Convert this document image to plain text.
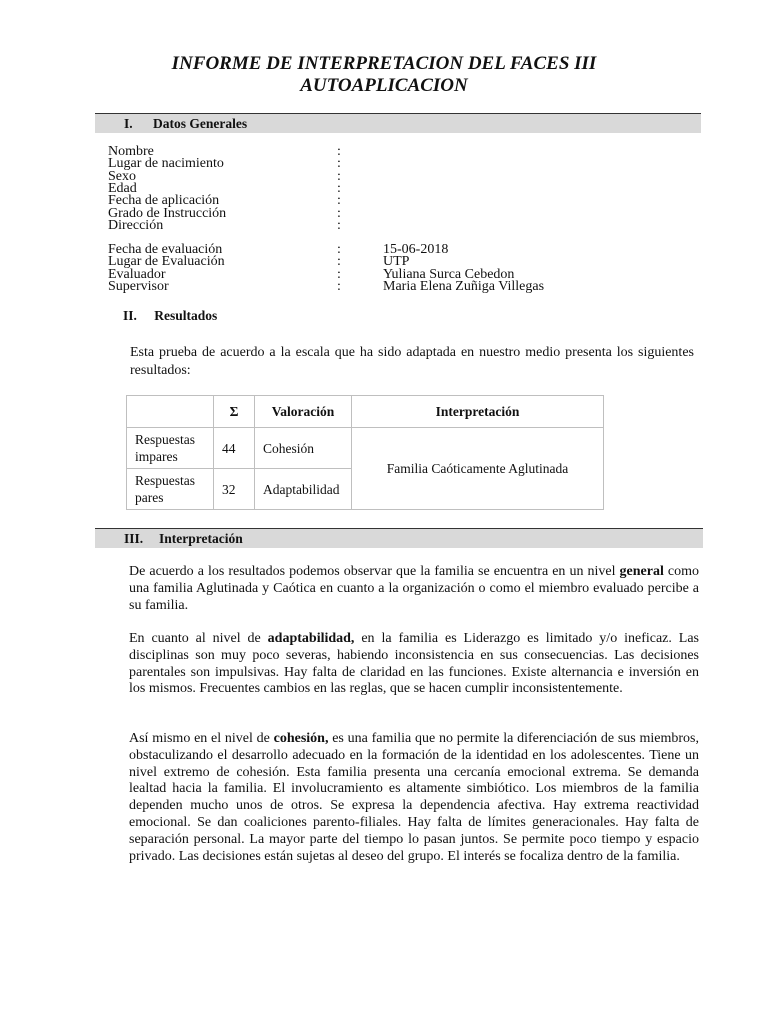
INFORME DE INTERPRETACION DEL FACES III
AUTOAPLICACION
I. Datos Generales
Nombre	:
Lugar de nacimiento	:
Sexo	:
Edad	:
Fecha de aplicación	:
Grado de Instrucción	:
Dirección	:
Fecha de evaluación	:	15-06-2018
Lugar de Evaluación	:	UTP
Evaluador	:	Yuliana Surca Cebedon
Supervisor	:	Maria Elena Zuñiga Villegas
II. Resultados

Esta prueba de acuerdo a la escala que ha sido adaptada en nuestro medio presenta los siguientes resultados:

	Σ	Valoración	Interpretación
Respuestas impares	44	Cohesión	Familia Caóticamente Aglutinada
Respuestas pares	32	Adaptabilidad	
III. Interpretación

De acuerdo a los resultados podemos observar que la familia se encuentra en un nivel general como una familia Aglutinada y Caótica en cuanto a la organización o como el miembro evaluado percibe a su familia.

En cuanto al nivel de adaptabilidad, en la familia es Liderazgo es limitado y/o ineficaz. Las disciplinas son muy poco severas, habiendo inconsistencia en sus consecuencias. Las decisiones parentales son impulsivas. Hay falta de claridad en las funciones. Existe alternancia e inversión en los mismos. Frecuentes cambios en las reglas, que se hacen cumplir inconsistentemente.

Así mismo en el nivel de cohesión, es una familia que no permite la diferenciación de sus miembros, obstaculizando el desarrollo adecuado en la formación de la identidad en los adolescentes. Tiene un nivel extremo de cohesión. Esta familia presenta una cercanía emocional extrema. Se demanda lealtad hacia la familia. El involucramiento es altamente simbiótico. Los miembros de la familia dependen mucho unos de otros. Se expresa la dependencia afectiva. Hay extrema reactividad emocional. Se dan coaliciones parento-filiales. Hay falta de límites generacionales. Hay falta de separación personal. La mayor parte del tiempo lo pasan juntos. Se permite poco tiempo y espacio privado. Las decisiones están sujetas al deseo del grupo. El interés se focaliza dentro de la familia.
